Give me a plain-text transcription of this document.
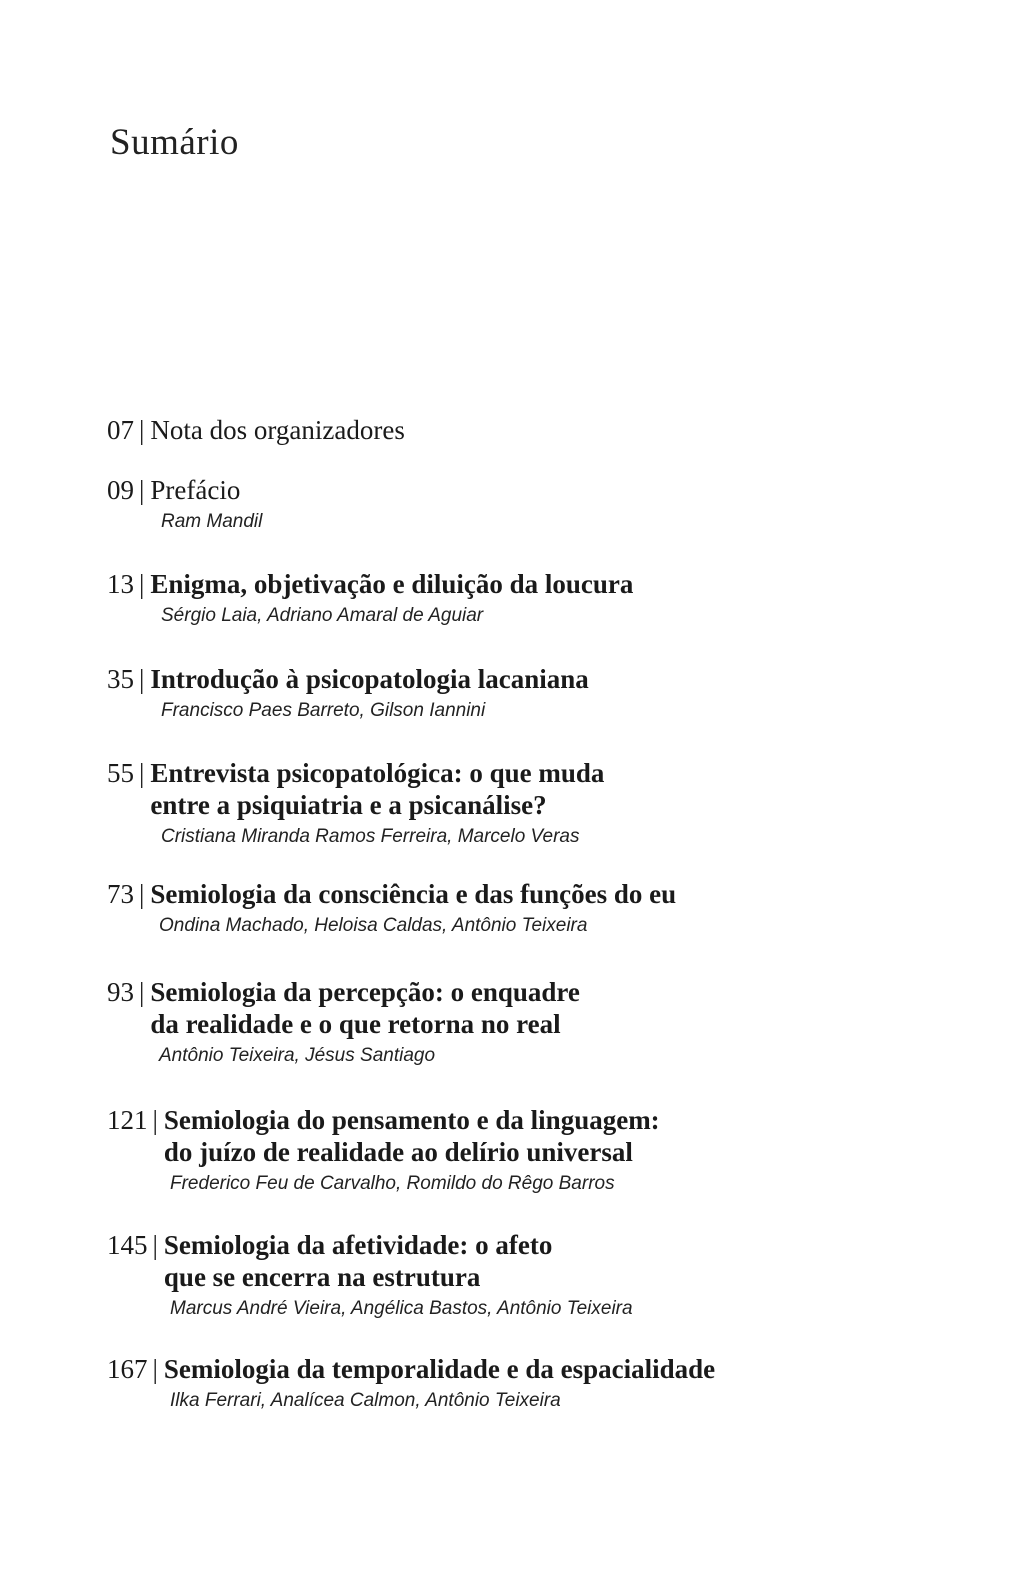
Sumário
07 | Nota dos organizadores
09 | Prefácio
Ram Mandil
13 | Enigma, objetivação e diluição da loucura
Sérgio Laia, Adriano Amaral de Aguiar
35 | Introdução à psicopatologia lacaniana
Francisco Paes Barreto, Gilson Iannini
55 | Entrevista psicopatológica: o que muda
entre a psiquiatria e a psicanálise?
Cristiana Miranda Ramos Ferreira, Marcelo Veras
73 | Semiologia da consciência e das funções do eu
Ondina Machado, Heloisa Caldas, Antônio Teixeira
93 | Semiologia da percepção: o enquadre
da realidade e o que retorna no real
Antônio Teixeira, Jésus Santiago
121 | Semiologia do pensamento e da linguagem:
do juízo de realidade ao delírio universal
Frederico Feu de Carvalho, Romildo do Rêgo Barros
145 | Semiologia da afetividade: o afeto
que se encerra na estrutura
Marcus André Vieira, Angélica Bastos, Antônio Teixeira
167 | Semiologia da temporalidade e da espacialidade
Ilka Ferrari, Analícea Calmon, Antônio Teixeira
